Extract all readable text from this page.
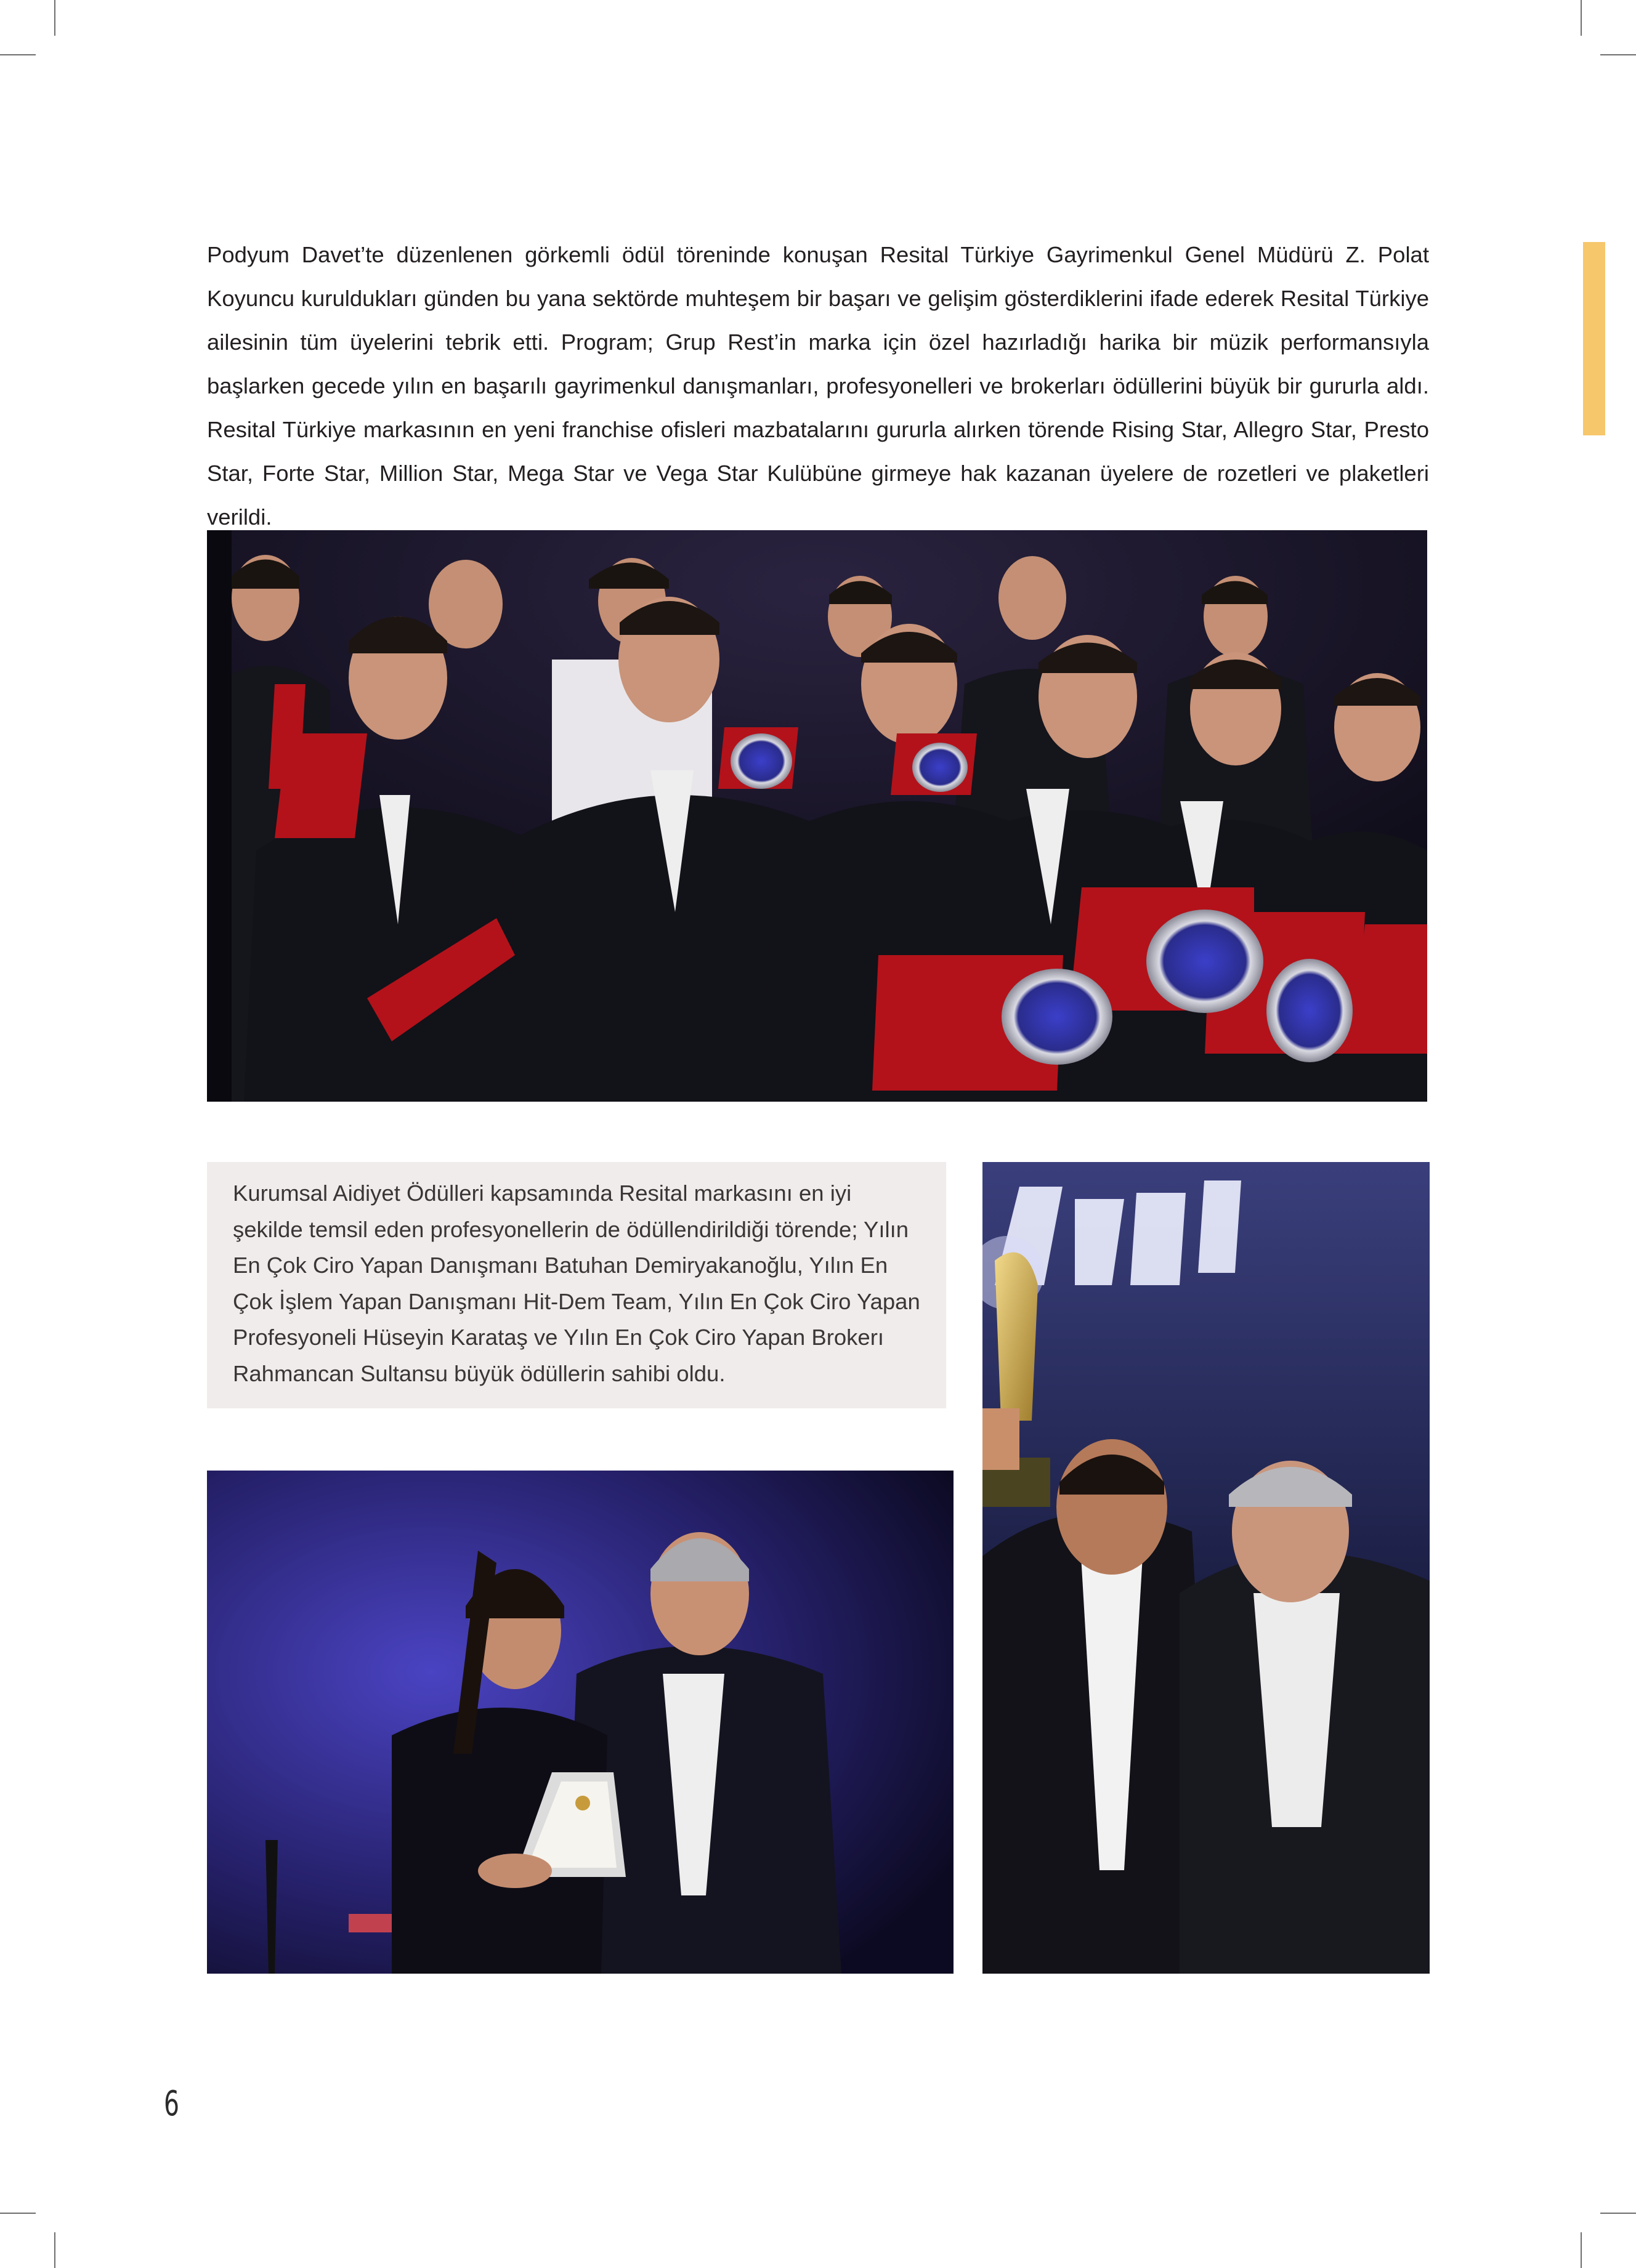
Podyum Davet’te düzenlenen görkemli ödül töreninde konuşan Resital Türkiye Gayrimenkul Genel Müdürü Z. Polat Koyuncu kuruldukları günden bu yana sektörde muhteşem bir başarı ve gelişim gösterdiklerini ifade ederek Resital Türkiye ailesinin tüm üyelerini tebrik etti. Program; Grup Rest’in marka için özel hazırladığı harika bir müzik performansıyla başlarken gecede yılın en başarılı gayrimenkul danışmanları, profesyonelleri ve brokerları ödüllerini büyük bir gururla aldı. Resital Türkiye markasının en yeni franchise ofisleri mazbatalarını gururla alırken törende Rising Star, Allegro Star, Presto Star, Forte Star, Million Star, Mega Star ve Vega Star Kulübüne girmeye hak kazanan üyelere de rozetleri ve plaketleri verildi.

Kurumsal Aidiyet Ödülleri kapsamında Resital markasını en iyi şekilde temsil eden profesyonellerin de ödüllendirildiği törende; Yılın En Çok Ciro Yapan Danışmanı Batuhan Demiryakanoğlu, Yılın En Çok İşlem Yapan Danışmanı Hit-Dem Team, Yılın En Çok Ciro Yapan Profesyoneli Hüseyin Karataş ve Yılın En Çok Ciro Yapan Brokerı Rahmancan Sultansu büyük ödüllerin sahibi oldu.

6
